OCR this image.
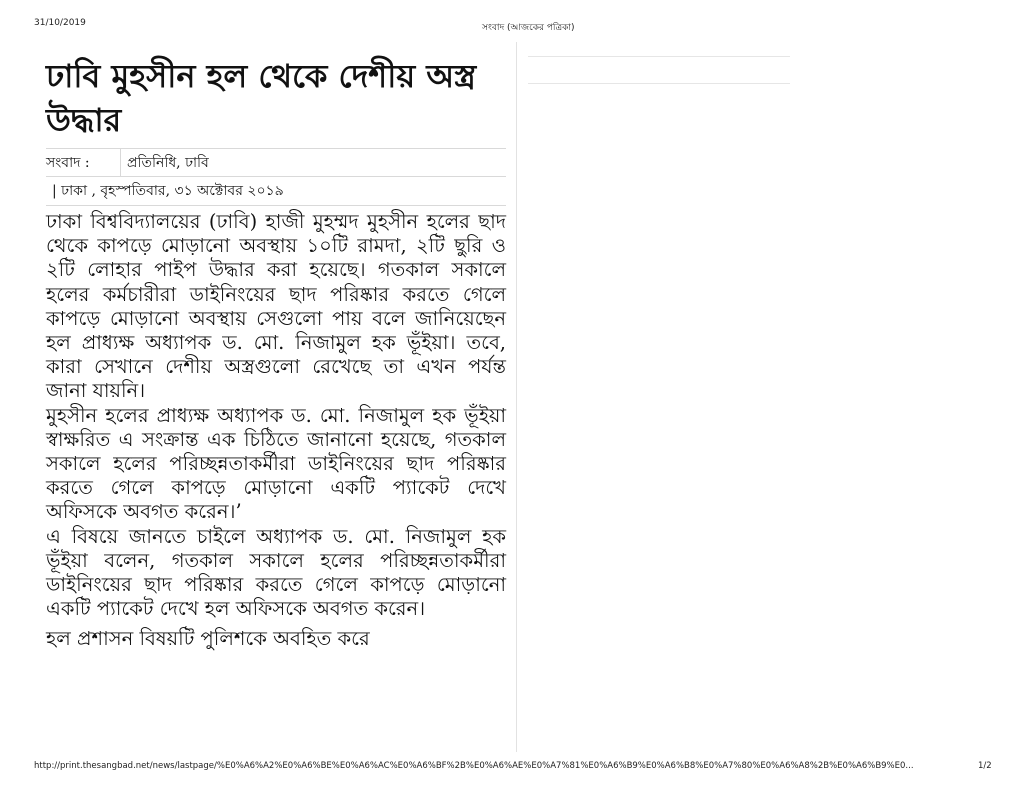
31/10/2019	সংবাদ (আজকের পত্রিকা)
ঢাবি মুহসীন হল থেকে দেশীয় অস্ত্র উদ্ধার
সংবাদ :	প্রতিনিধি, ঢাবি
| ঢাকা , বৃহস্পতিবার, ৩১ অক্টোবর ২০১৯

ঢাকা বিশ্ববিদ্যালয়ের (ঢাবি) হাজী মুহম্মদ মুহসীন হলের ছাদ থেকে কাপড়ে মোড়ানো অবস্থায় ১০টি রামদা, ২টি ছুরি ও ২টি লোহার পাইপ উদ্ধার করা হয়েছে। গতকাল সকালে হলের কর্মচারীরা ডাইনিংয়ের ছাদ পরিষ্কার করতে গেলে কাপড়ে মোড়ানো অবস্থায় সেগুলো পায় বলে জানিয়েছেন হল প্রাধ্যক্ষ অধ্যাপক ড. মো. নিজামুল হক ভূঁইয়া। তবে, কারা সেখানে দেশীয় অস্ত্রগুলো রেখেছে তা এখন পর্যন্ত জানা যায়নি।

মুহসীন হলের প্রাধ্যক্ষ অধ্যাপক ড. মো. নিজামুল হক ভূঁইয়া স্বাক্ষরিত এ সংক্রান্ত এক চিঠিতে জানানো হয়েছে, গতকাল সকালে হলের পরিচ্ছন্নতাকর্মীরা ডাইনিংয়ের ছাদ পরিষ্কার করতে গেলে কাপড়ে মোড়ানো একটি প্যাকেট দেখে অফিসকে অবগত করেন।’

এ বিষয়ে জানতে চাইলে অধ্যাপক ড. মো. নিজামুল হক ভূঁইয়া বলেন, গতকাল সকালে হলের পরিচ্ছন্নতাকর্মীরা ডাইনিংয়ের ছাদ পরিষ্কার করতে গেলে কাপড়ে মোড়ানো একটি প্যাকেট দেখে হল অফিসকে অবগত করেন।

হল প্রশাসন বিষয়টি পুলিশকে অবহিত করে
http://print.thesangbad.net/news/lastpage/%E0%A6%A2%E0%A6%BE%E0%A6%AC%E0%A6%BF%2B%E0%A6%AE%E0%A7%81%E0%A6%B9%E0%A6%B8%E0%A7%80%E0%A6%A8%2B%E0%A6%B9%E0...	1/2
